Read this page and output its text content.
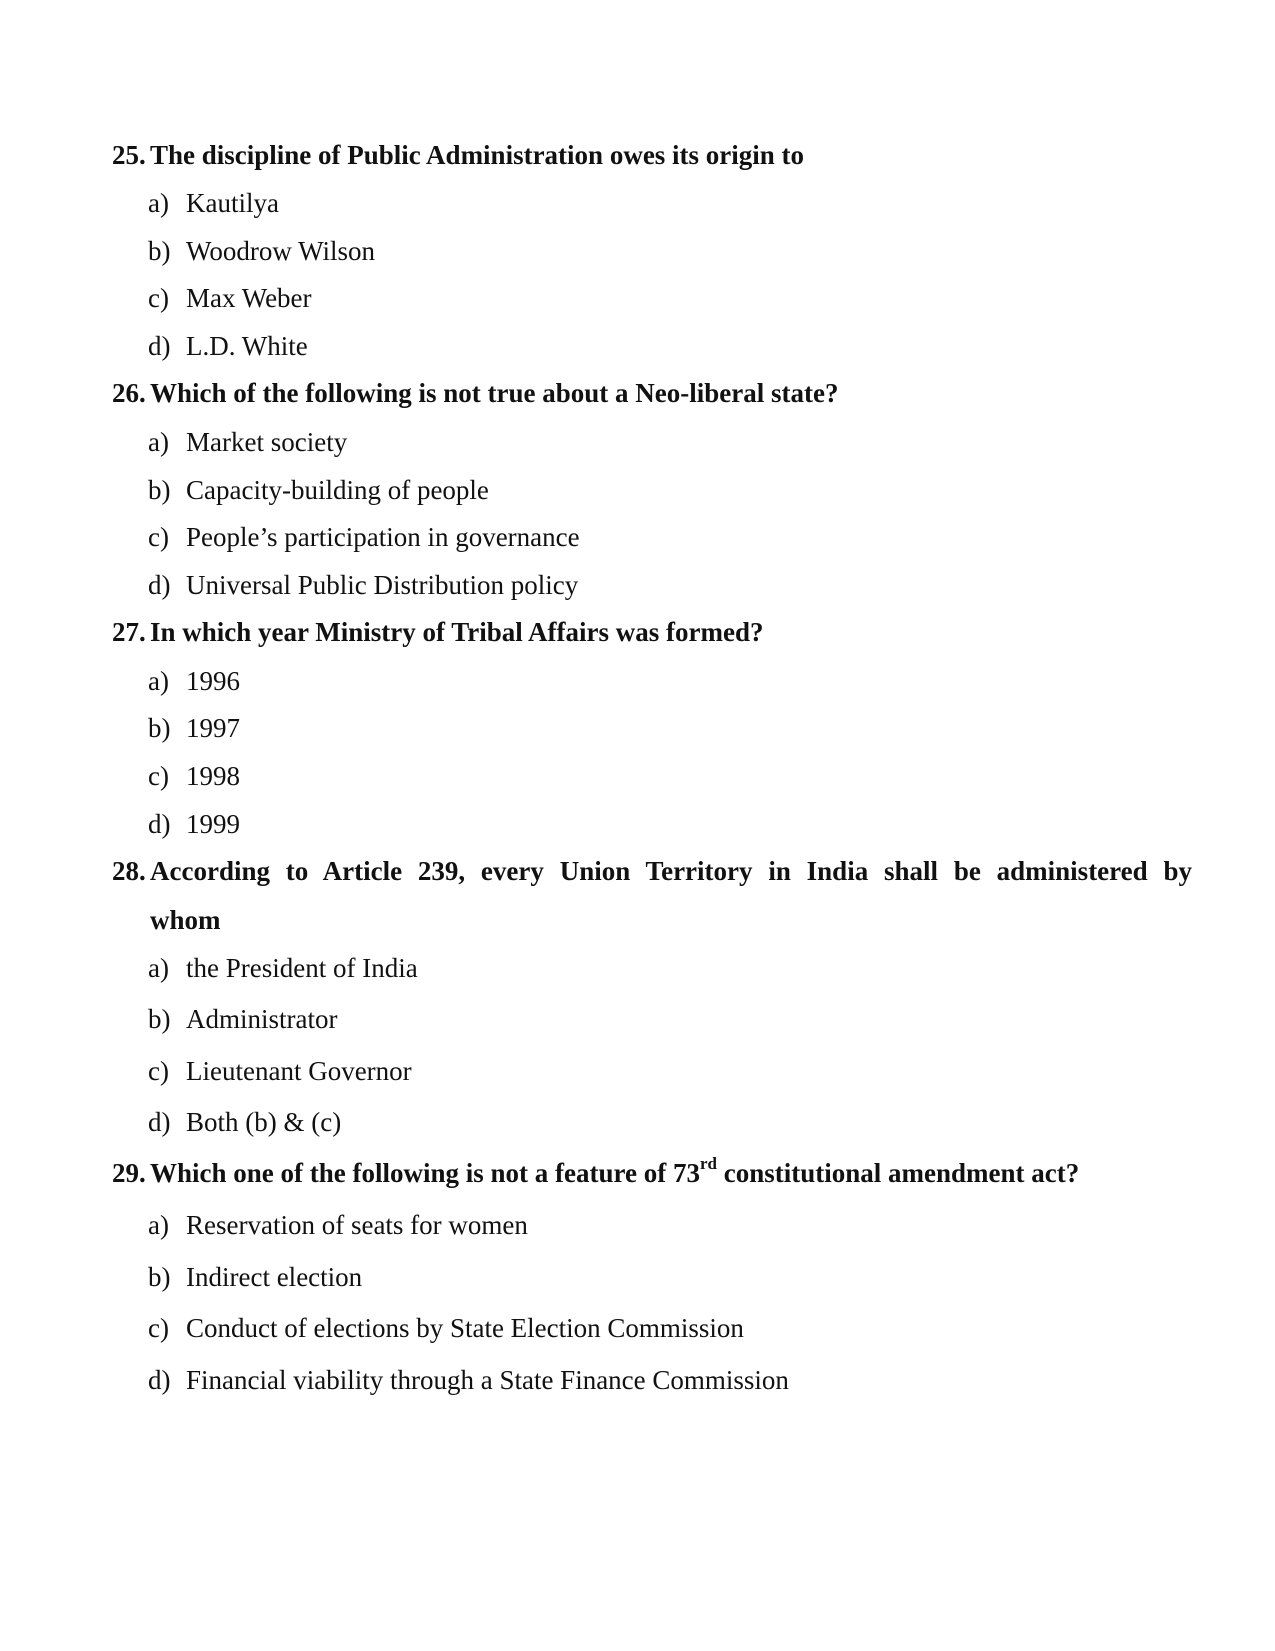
25. The discipline of Public Administration owes its origin to
a) Kautilya
b) Woodrow Wilson
c) Max Weber
d) L.D. White
26. Which of the following is not true about a Neo-liberal state?
a) Market society
b) Capacity-building of people
c) People’s participation in governance
d) Universal Public Distribution policy
27. In which year Ministry of Tribal Affairs was formed?
a) 1996
b) 1997
c) 1998
d) 1999
28. According to Article 239, every Union Territory in India shall be administered by
whom
a) the President of India
b) Administrator
c) Lieutenant Governor
d) Both (b) & (c)
29. Which one of the following is not a feature of 73rd constitutional amendment act?
a) Reservation of seats for women
b) Indirect election
c) Conduct of elections by State Election Commission
d) Financial viability through a State Finance Commission
